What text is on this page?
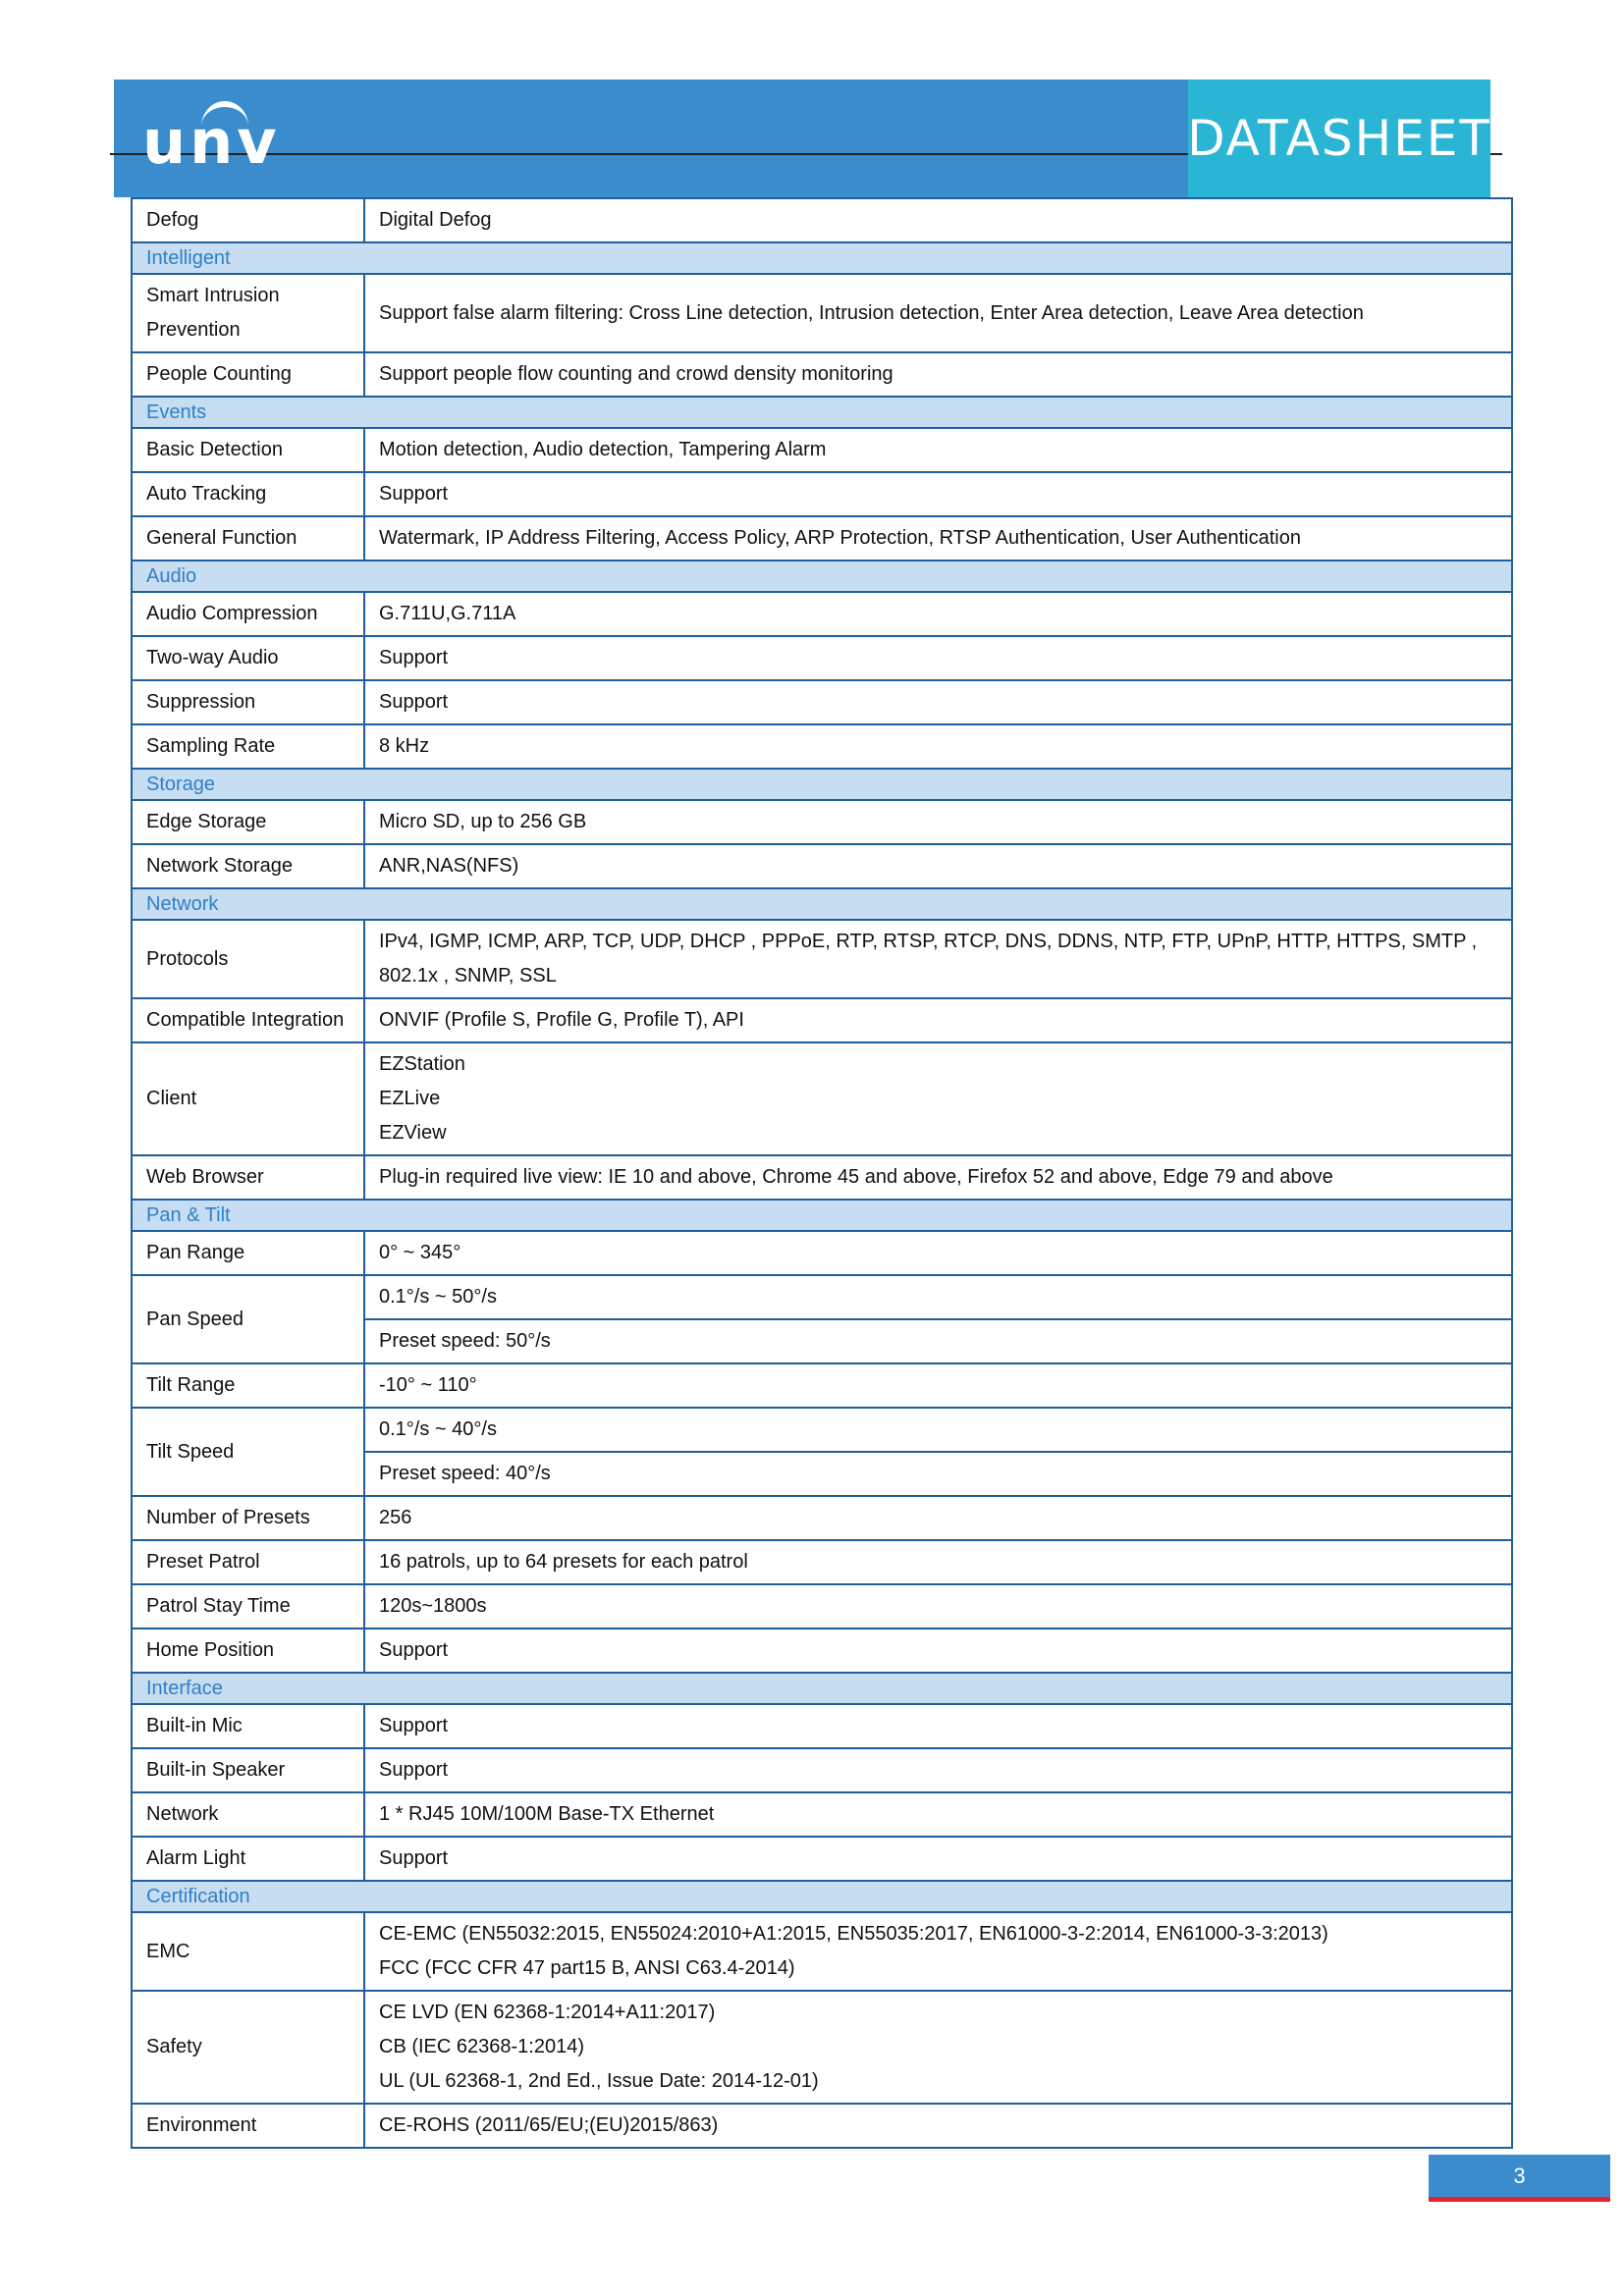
unv	DATASHEET
Defog	Digital Defog

Intelligent	
Smart Intrusion Prevention	Support false alarm filtering: Cross Line detection, Intrusion detection, Enter Area detection, Leave Area detection

People Counting	Support people flow counting and crowd density monitoring

Events	
Basic Detection	Motion detection, Audio detection, Tampering Alarm

Auto Tracking	Support

General Function	Watermark, IP Address Filtering, Access Policy, ARP Protection, RTSP Authentication, User Authentication

Audio	
Audio Compression	G.711U,G.711A

Two-way Audio	Support

Suppression	Support

Sampling Rate	8 kHz

Storage	
Edge Storage	Micro SD, up to 256 GB

Network Storage	ANR,NAS(NFS)

Network	
Protocols	IPv4, IGMP, ICMP, ARP, TCP, UDP, DHCP , PPPoE, RTP, RTSP, RTCP, DNS, DDNS, NTP, FTP, UPnP, HTTP, HTTPS, SMTP , 802.1x , SNMP, SSL

Compatible Integration	ONVIF (Profile S, Profile G, Profile T), API

Client	EZStation
EZLive
EZView

Web Browser	Plug-in required live view: IE 10 and above, Chrome 45 and above, Firefox 52 and above, Edge 79 and above

Pan & Tilt	
Pan Range	0° ~ 345°

Pan Speed	0.1°/s ~ 50°/s
	Preset speed: 50°/s
Tilt Range	-10° ~ 110°

Tilt Speed	0.1°/s ~ 40°/s
	Preset speed: 40°/s
Number of Presets	256

Preset Patrol	16 patrols, up to 64 presets for each patrol

Patrol Stay Time	120s~1800s

Home Position	Support

Interface	
Built-in Mic	Support

Built-in Speaker	Support

Network	1 * RJ45 10M/100M Base-TX Ethernet

Alarm Light	Support

Certification	
EMC	CE-EMC (EN55032:2015, EN55024:2010+A1:2015, EN55035:2017, EN61000-3-2:2014, EN61000-3-3:2013)
FCC (FCC CFR 47 part15 B, ANSI C63.4-2014)

Safety	CE LVD (EN 62368-1:2014+A11:2017)
CB (IEC 62368-1:2014)
UL (UL 62368-1, 2nd Ed., Issue Date: 2014-12-01)

Environment	CE-ROHS (2011/65/EU;(EU)2015/863)
3
